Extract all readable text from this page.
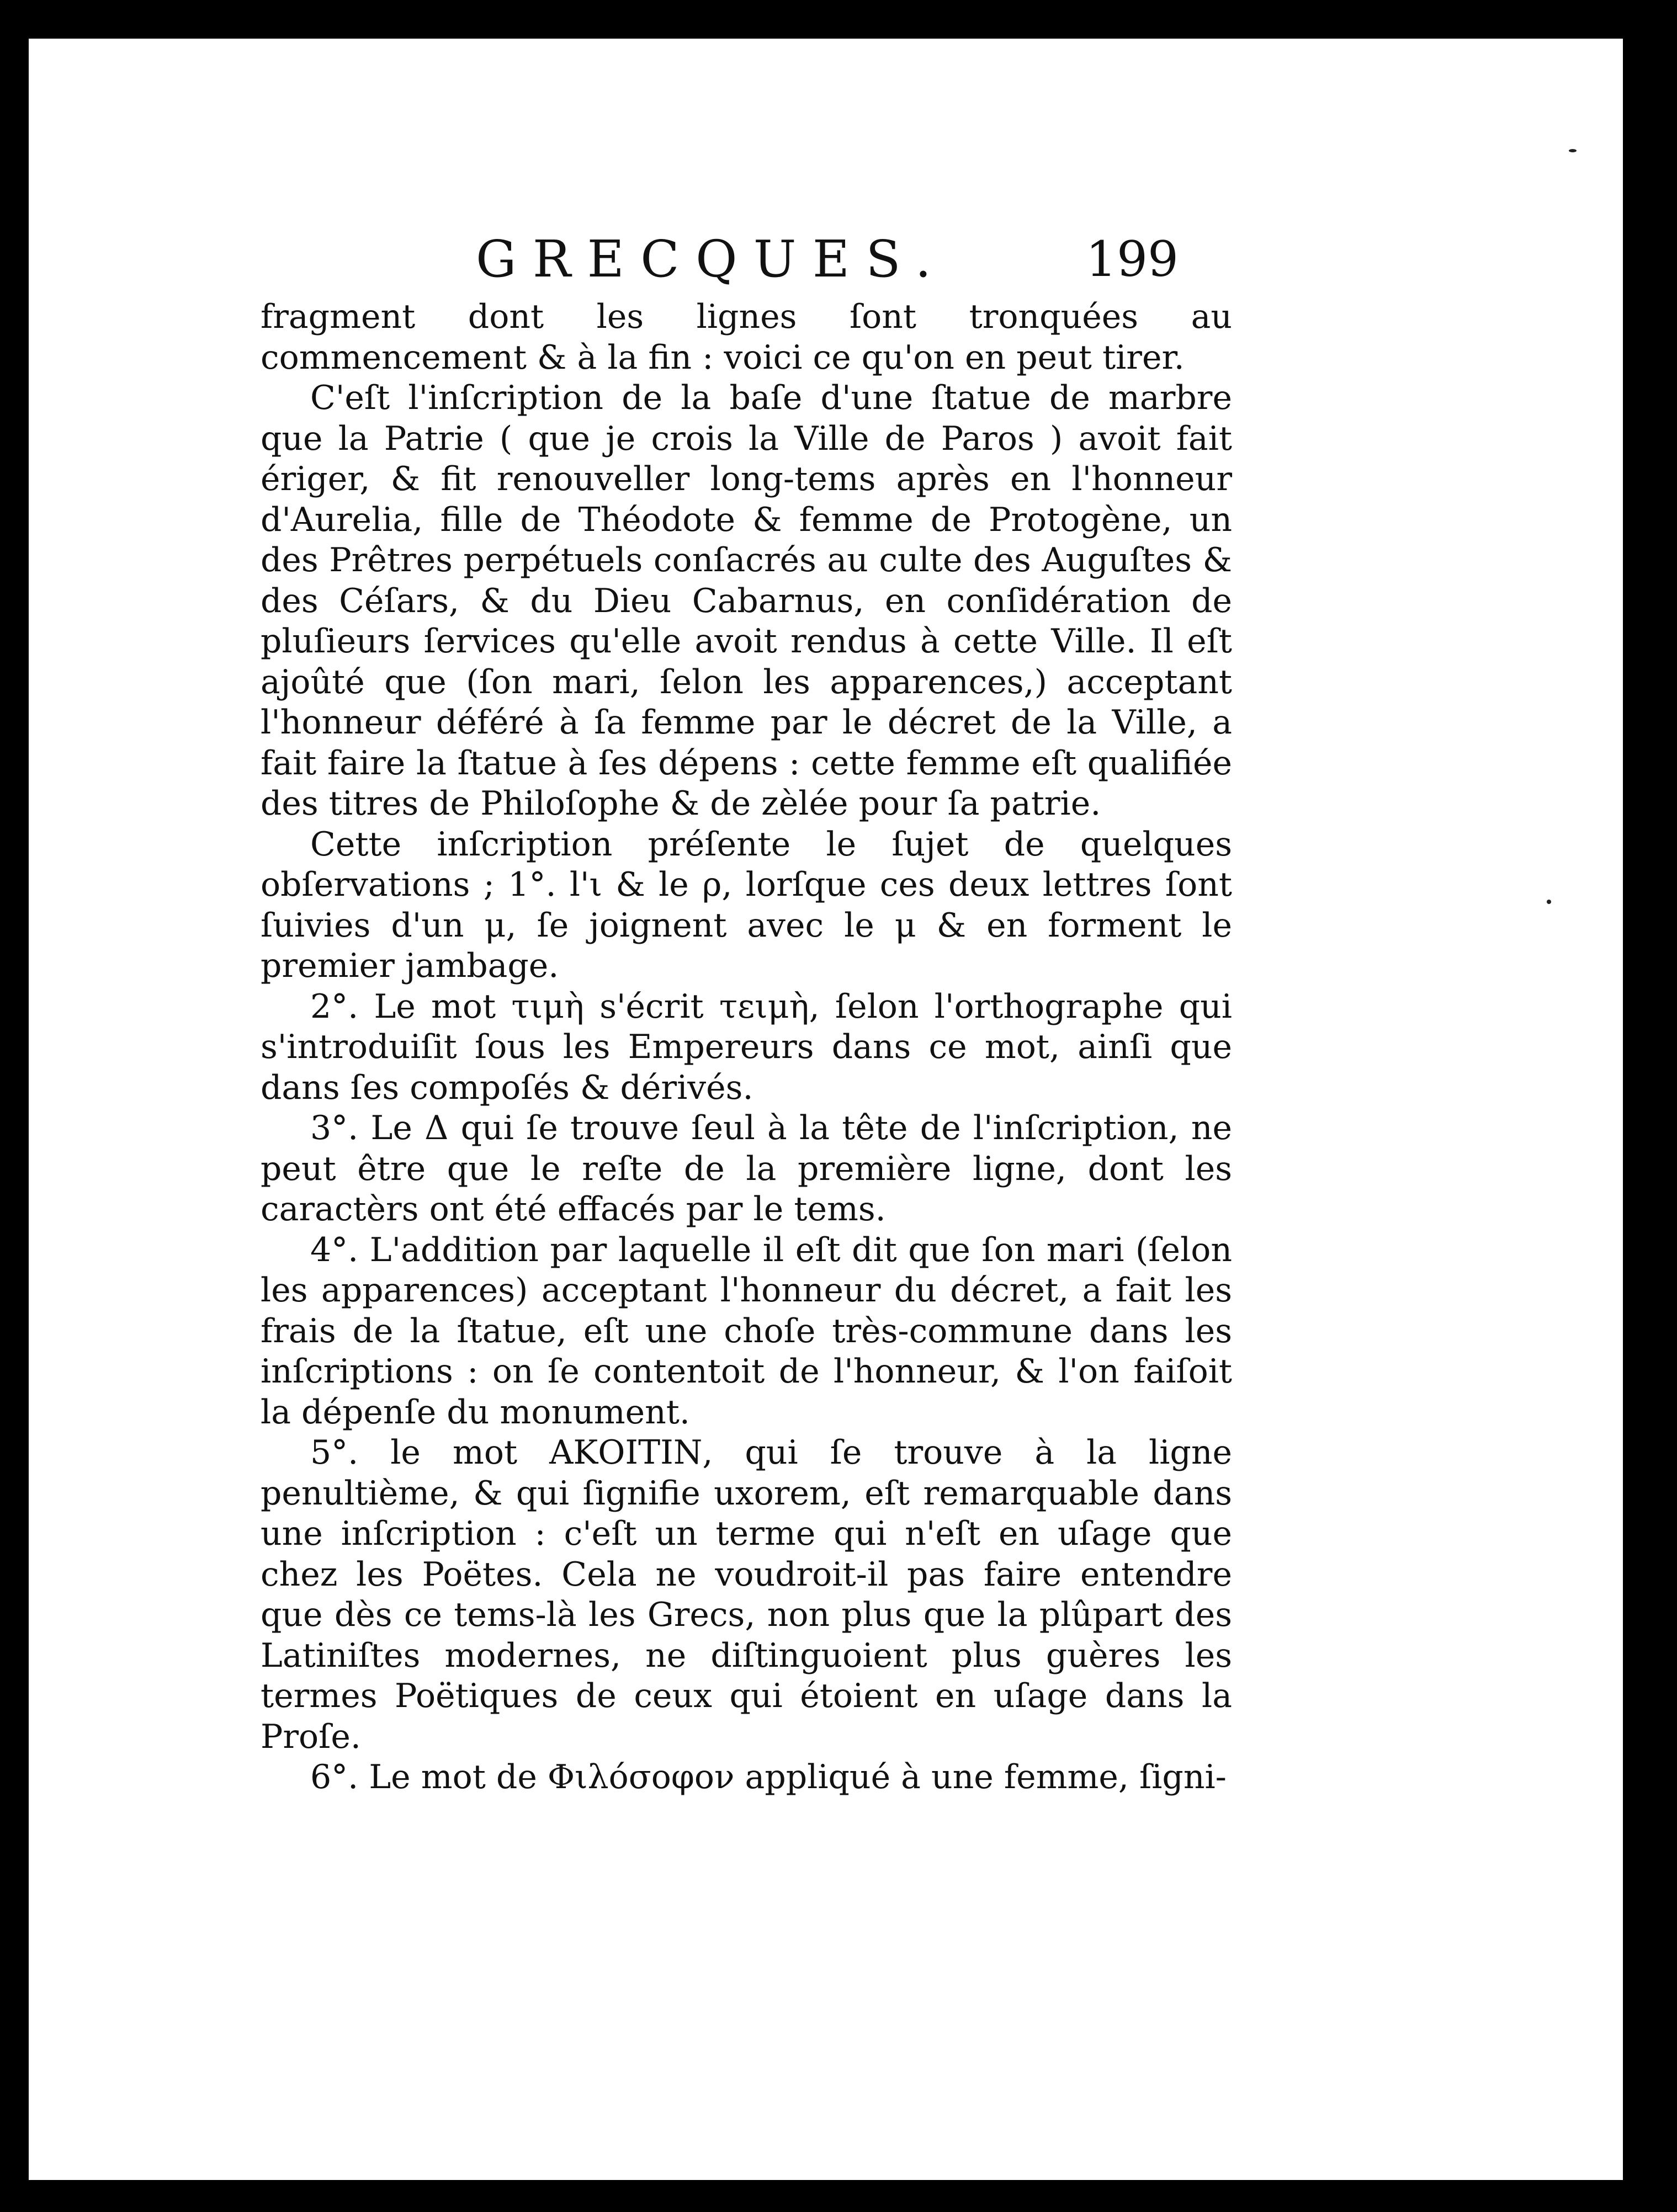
GRECQUES.	199

fragment dont les lignes ſont tronquées au commencement & à la fin : voici ce qu'on en peut tirer.

C'eſt l'inſcription de la baſe d'une ſtatue de marbre que la Patrie ( que je crois la Ville de Paros ) avoit fait ériger, & fit renouveller long-tems après en l'honneur d'Aurelia, fille de Théodote & femme de Protogène, un des Prêtres perpétuels conſacrés au culte des Auguſtes & des Céſars, & du Dieu Cabarnus, en conſidération de pluſieurs ſervices qu'elle avoit rendus à cette Ville. Il eſt ajoûté que (ſon mari, ſelon les apparences,) acceptant l'honneur déféré à ſa femme par le décret de la Ville, a fait faire la ſtatue à ſes dépens : cette femme eſt qualifiée des titres de Philoſophe & de zèlée pour ſa patrie.

Cette inſcription préſente le ſujet de quelques obſervations ; 1°. l'ι & le ρ, lorſque ces deux lettres ſont ſuivies d'un μ, ſe joignent avec le μ & en forment le premier jambage.

2°. Le mot τιμὴ s'écrit τειμὴ, ſelon l'orthographe qui s'introduiſit ſous les Empereurs dans ce mot, ainſi que dans ſes compoſés & dérivés.

3°. Le Δ qui ſe trouve ſeul à la tête de l'inſcription, ne peut être que le reſte de la première ligne, dont les caractèrs ont été effacés par le tems.

4°. L'addition par laquelle il eſt dit que ſon mari (ſelon les apparences) acceptant l'honneur du décret, a fait les frais de la ſtatue, eſt une choſe très-commune dans les inſcriptions : on ſe contentoit de l'honneur, & l'on faiſoit la dépenſe du monument.

5°. le mot ΑΚΟΙΤΙΝ, qui ſe trouve à la ligne penultième, & qui ſignifie uxorem, eſt remarquable dans une inſcription : c'eſt un terme qui n'eſt en uſage que chez les Poëtes. Cela ne voudroit-il pas faire entendre que dès ce tems-là les Grecs, non plus que la plûpart des Latiniſtes modernes, ne diſtinguoient plus guères les termes Poëtiques de ceux qui étoient en uſage dans la Proſe.

6°. Le mot de Φιλόσοφον appliqué à une femme, ſigni-
